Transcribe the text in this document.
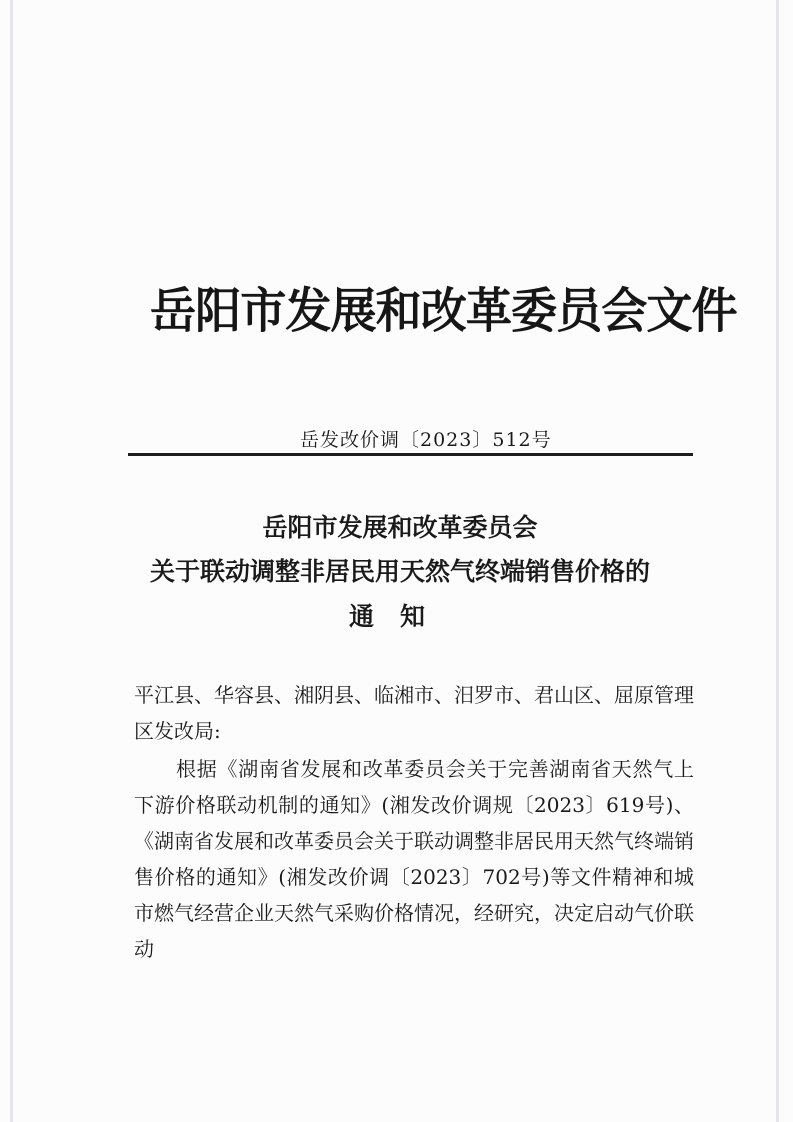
岳阳市发展和改革委员会文件
岳发改价调〔2023〕512号
岳阳市发展和改革委员会
关于联动调整非居民用天然气终端销售价格的
通知
平江县、华容县、湘阴县、临湘市、汨罗市、君山区、屈原管理
区发改局:
根据《湖南省发展和改革委员会关于完善湖南省天然气上下游价格联动机制的通知》(湘发改价调规〔2023〕619号)、《湖南省发展和改革委员会关于联动调整非居民用天然气终端销售价格的通知》(湘发改价调〔2023〕702号)等文件精神和城市燃气经营企业天然气采购价格情况，经研究，决定启动气价联动
